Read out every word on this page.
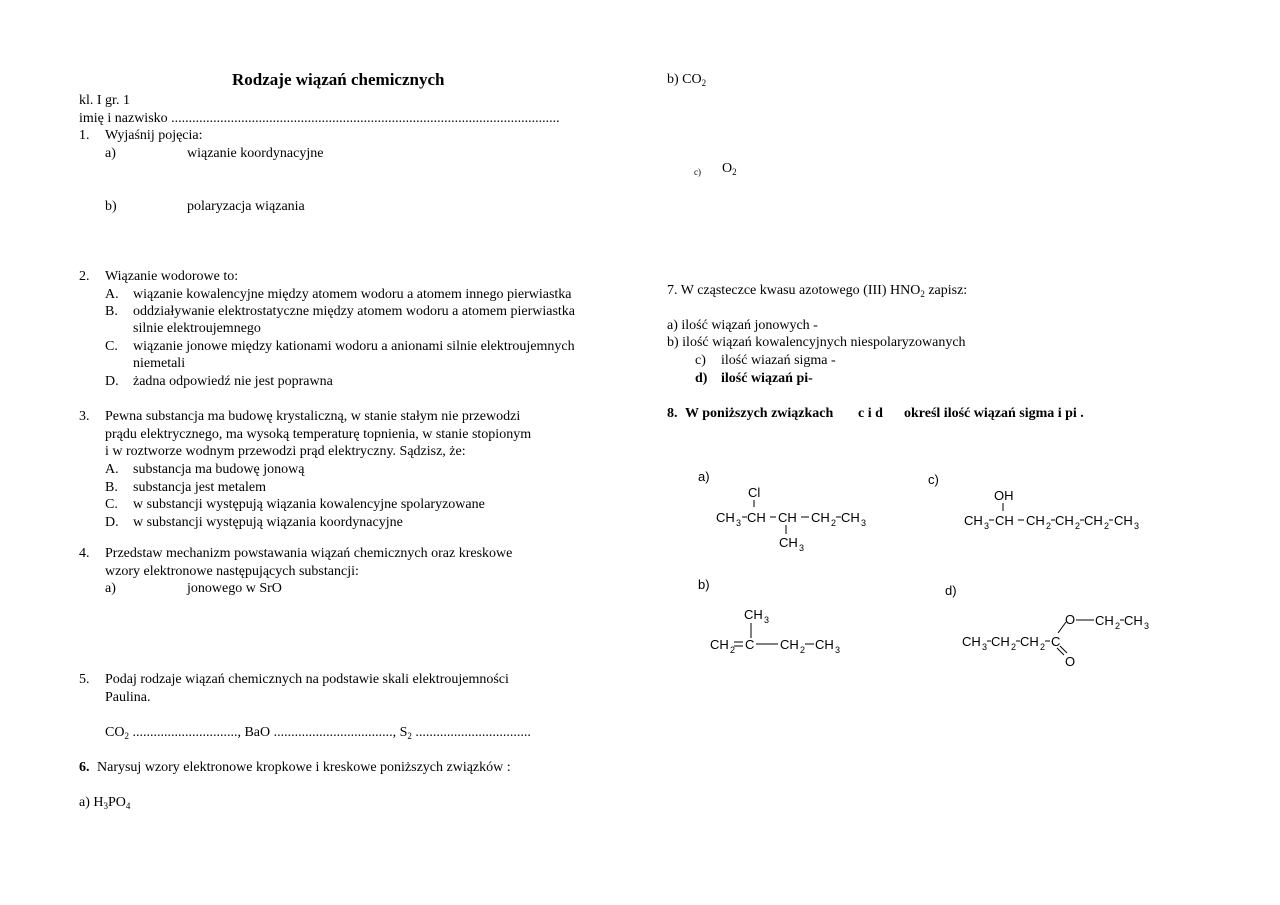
Rodzaje wiązań chemicznych
kl. I gr. 1
imię i nazwisko ...............................................................................................................
1. Wyjaśnij pojęcia:
a)	wiązanie koordynacyjne
b)	polaryzacja wiązania
2. Wiązanie wodorowe to:
A. wiązanie kowalencyjne między atomem wodoru a atomem innego pierwiastka
B. oddziaływanie elektrostatyczne między atomem wodoru a atomem pierwiastka
silnie elektroujemnego
C. wiązanie jonowe między kationami wodoru a anionami silnie elektroujemnych
niemetali
D. żadna odpowiedź nie jest poprawna
3. Pewna substancja ma budowę krystaliczną, w stanie stałym nie przewodzi
prądu elektrycznego, ma wysoką temperaturę topnienia, w stanie stopionym
i w roztworze wodnym przewodzi prąd elektryczny. Sądzisz, że:
A. substancja ma budowę jonową
B. substancja jest metalem
C. w substancji występują wiązania kowalencyjne spolaryzowane
D. w substancji występują wiązania koordynacyjne
4. Przedstaw mechanizm powstawania wiązań chemicznych oraz kreskowe
wzory elektronowe następujących substancji:
a)	jonowego w SrO
5. Podaj rodzaje wiązań chemicznych na podstawie skali elektroujemności
Paulina.
$CO_2$ .............................., BaO .................................., $S_2$ .................................
6. Narysuj wzory elektronowe kropkowe i kreskowe poniższych związków :
a) $H_3PO_4$
b) $CO_2$
c) $O_2$
7. W cząsteczce kwasu azotowego (III) $HNO_2$ zapisz:
a) ilość wiązań jonowych -
b) ilość wiązań kowalencyjnych niespolaryzowanych
c) ilość wiazań sigma -
d) ilość wiązań pi-
8. W poniższych związkach c i d określ ilość wiązań sigma i pi .
a)
Cl
CH 3 CH CH CH 2 CH 3
CH 3
b)
CH 3
CH 2 C CH 2 CH 3
c)
OH
CH 3 CH CH 2 CH 2 CH 2 CH 3
d)
CH 3 CH 2 CH 2 C
O CH 2 CH 3
O
